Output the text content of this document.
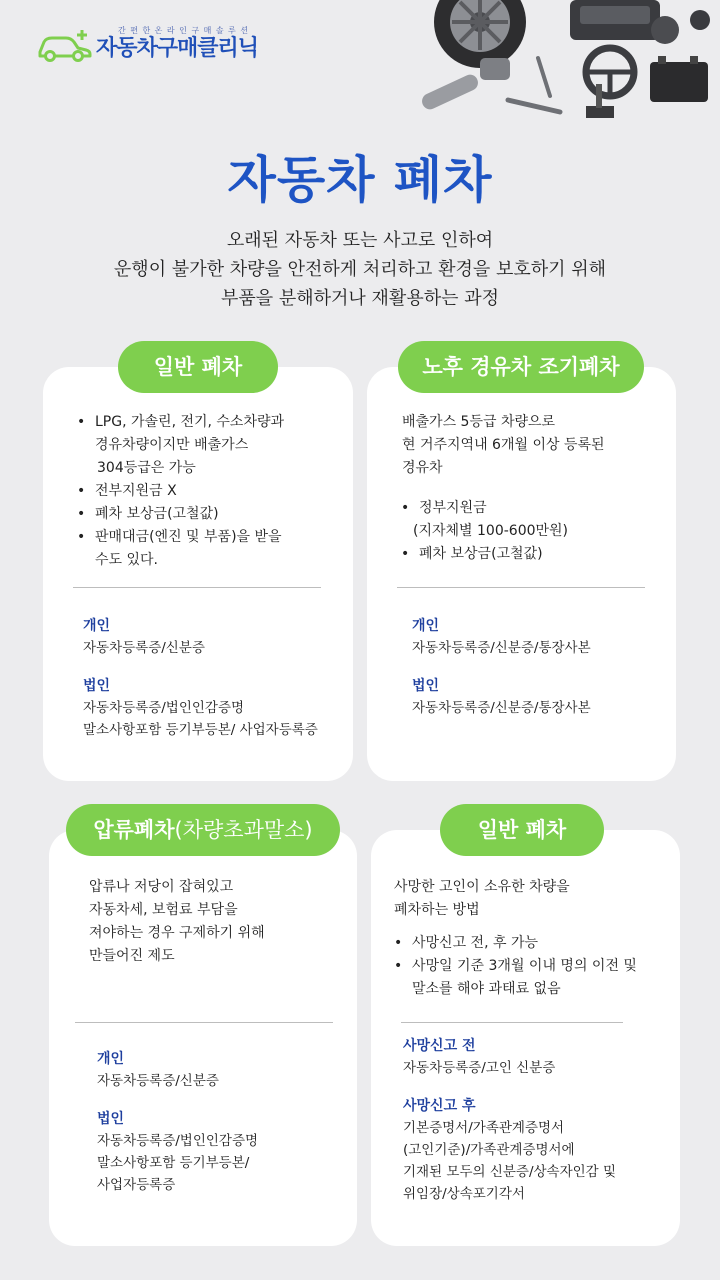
간편한온라인구매솔루션
자동차구매클리닉
자동차 폐차
오래된 자동차 또는 사고로 인하여
운행이 불가한 차량을 안전하게 처리하고 환경을 보호하기 위해
부품을 분해하거나 재활용하는 과정
• LPG, 가솔린, 전기, 수소차량과
경유차량이지만 배출가스
304등급은 가능
• 전부지원금 X
• 폐차 보상금(고철값)
• 판매대금(엔진 및 부품)을 받을
수도 있다.
개인
자동차등록증/신분증
법인
자동차등록증/법인인감증명
말소사항포함 등기부등본/ 사업자등록증
일반 폐차
배출가스 5등급 차량으로
현 거주지역내 6개월 이상 등록된
경유차
• 정부지원금
(지자체별 100-600만원)
• 폐차 보상금(고철값)
개인
자동차등록증/신분증/통장사본
법인
자동차등록증/신분증/통장사본
노후 경유차 조기폐차
압류나 저당이 잡혀있고
자동차세, 보험료 부담을
져야하는 경우 구제하기 위해
만들어진 제도
개인
자동차등록증/신분증
법인
자동차등록증/법인인감증명
말소사항포함 등기부등본/
사업자등록증
압류폐차(차량초과말소)
사망한 고인이 소유한 차량을
폐차하는 방법
• 사망신고 전, 후 가능
• 사망일 기준 3개월 이내 명의 이전 및
말소를 해야 과태료 없음
사망신고 전
자동차등록증/고인 신분증
사망신고 후
기본증명서/가족관계증명서
(고인기준)/가족관계증명서에
기재된 모두의 신분증/상속자인감 및
위임장/상속포기각서
일반 폐차
